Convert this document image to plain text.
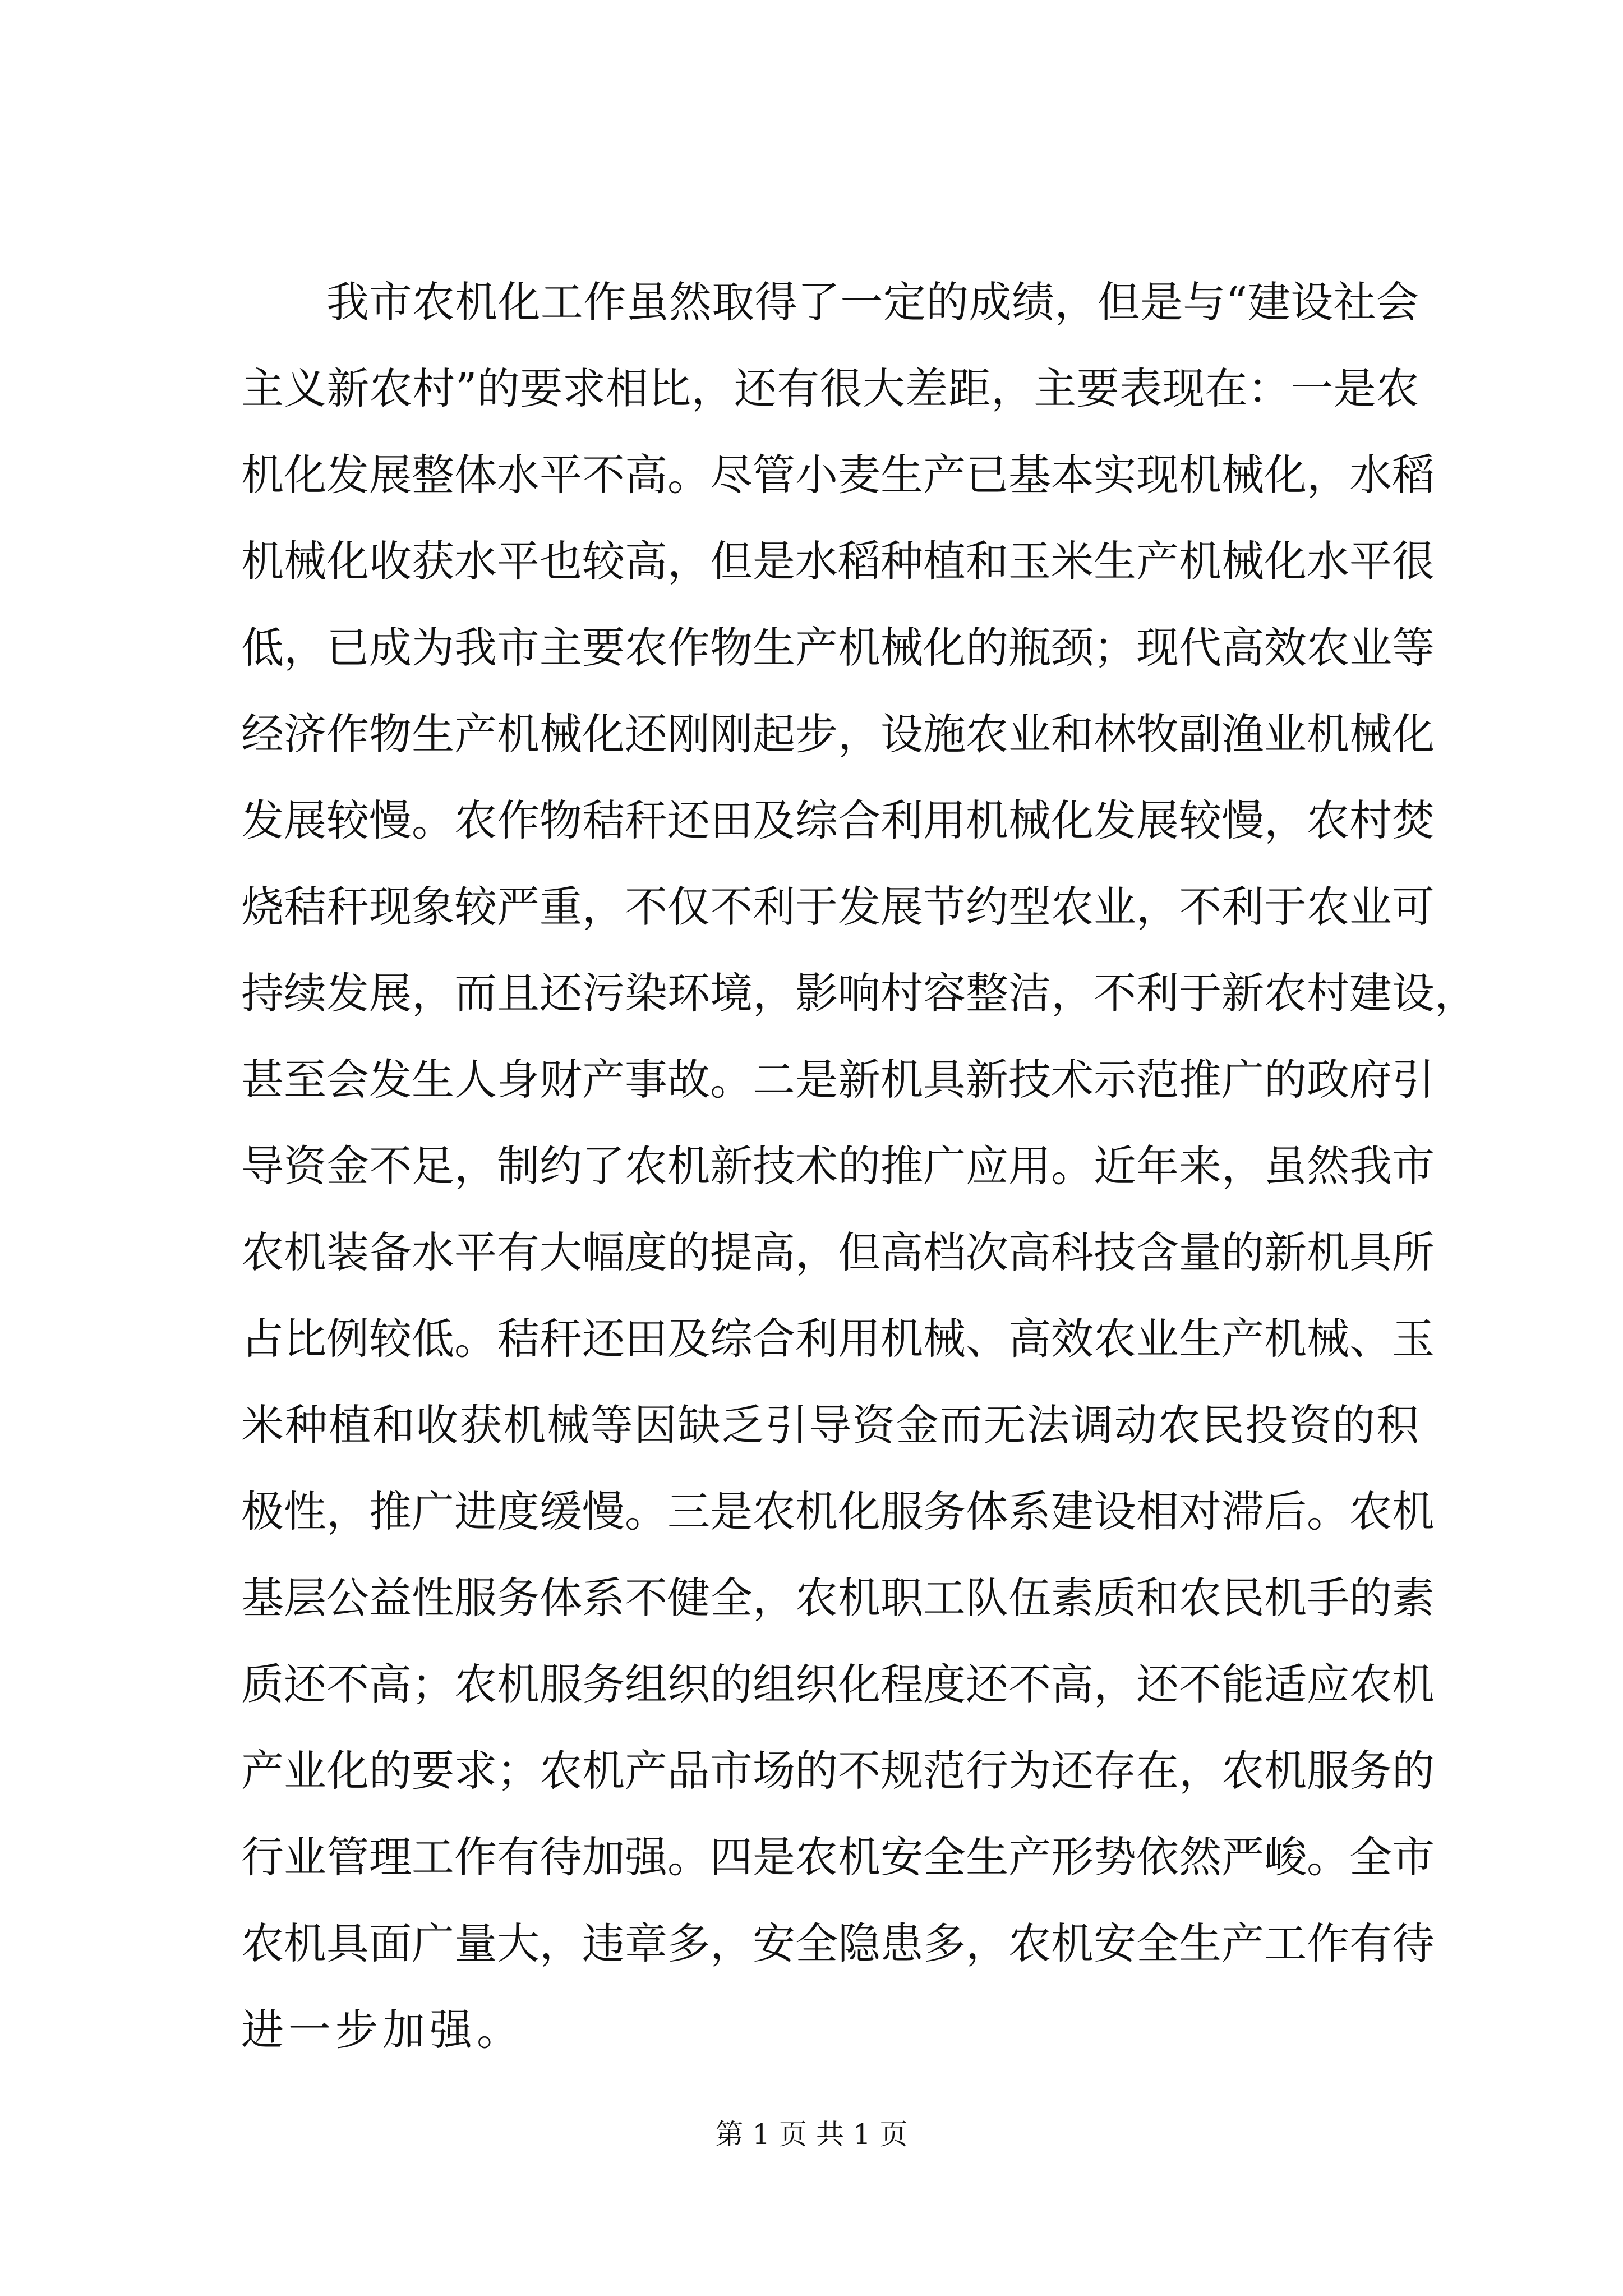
我市农机化工作虽然取得了一定的成绩，但是与“建设社会
主义新农村”的要求相比，还有很大差距，主要表现在：一是农
机化发展整体水平不高。尽管小麦生产已基本实现机械化，水稻
机械化收获水平也较高，但是水稻种植和玉米生产机械化水平很
低，已成为我市主要农作物生产机械化的瓶颈；现代高效农业等
经济作物生产机械化还刚刚起步，设施农业和林牧副渔业机械化
发展较慢。农作物秸秆还田及综合利用机械化发展较慢，农村焚
烧秸秆现象较严重，不仅不利于发展节约型农业，不利于农业可
持续发展，而且还污染环境，影响村容整洁，不利于新农村建设，
甚至会发生人身财产事故。二是新机具新技术示范推广的政府引
导资金不足，制约了农机新技术的推广应用。近年来，虽然我市
农机装备水平有大幅度的提高，但高档次高科技含量的新机具所
占比例较低。秸秆还田及综合利用机械、高效农业生产机械、玉
米种植和收获机械等因缺乏引导资金而无法调动农民投资的积
极性，推广进度缓慢。三是农机化服务体系建设相对滞后。农机
基层公益性服务体系不健全，农机职工队伍素质和农民机手的素
质还不高；农机服务组织的组织化程度还不高，还不能适应农机
产业化的要求；农机产品市场的不规范行为还存在，农机服务的
行业管理工作有待加强。四是农机安全生产形势依然严峻。全市
农机具面广量大，违章多，安全隐患多，农机安全生产工作有待
进一步加强。
第 1 页 共 1 页
